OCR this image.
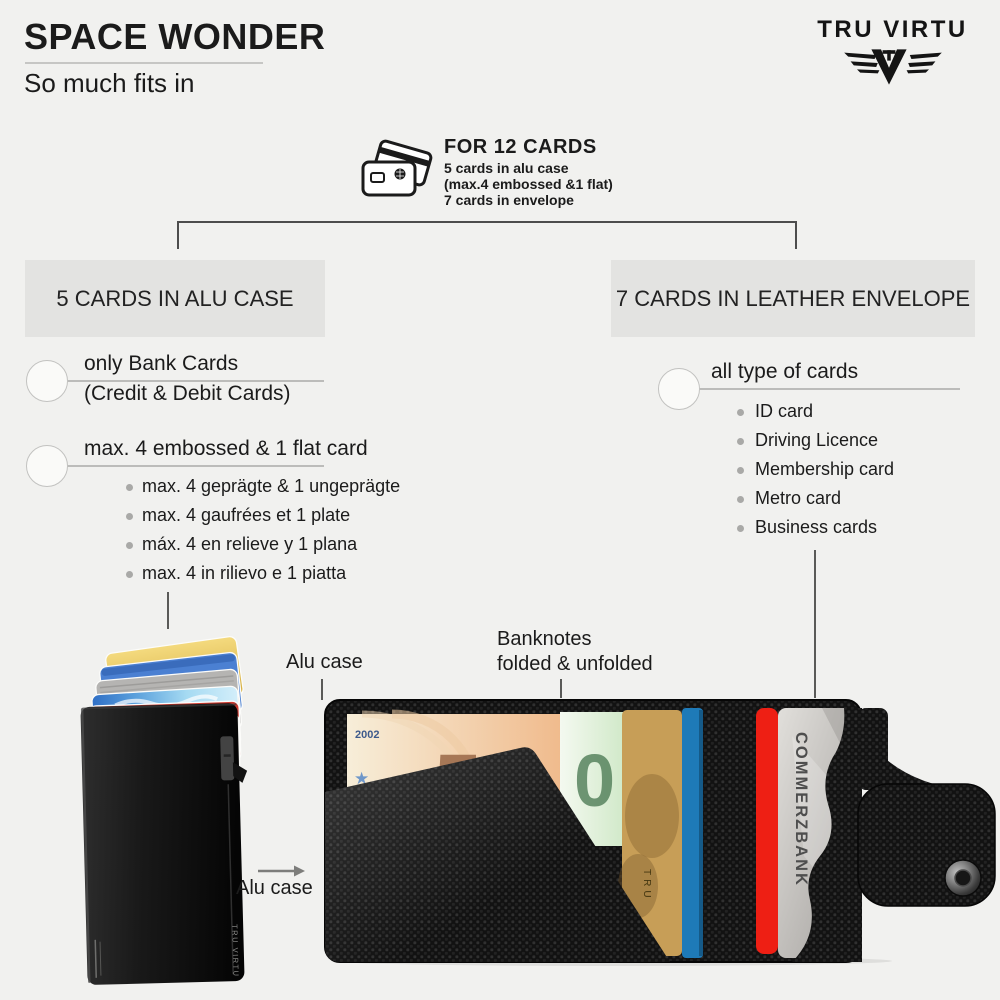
SPACE WONDER
So much fits in
TRU VIRTU
FOR 12 CARDS
5 cards in alu case
(max.4 embossed &1 flat)
7 cards in envelope
5 CARDS IN ALU CASE	7 CARDS IN LEATHER ENVELOPE
only Bank Cards
(Credit & Debit Cards)
max. 4 embossed & 1 flat card
max. 4 geprägte & 1 ungeprägte
max. 4 gaufrées et 1 plate
máx. 4 en relieve y 1 plana
max. 4 in rilievo e 1 piatta
all type of cards
ID card
Driving Licence
Membership card
Metro card
Business cards
Alu case
Banknotes
folded & unfolded
TRU VIRTU
Alu case
2002
★	0
TRU	COMMERZBANK
